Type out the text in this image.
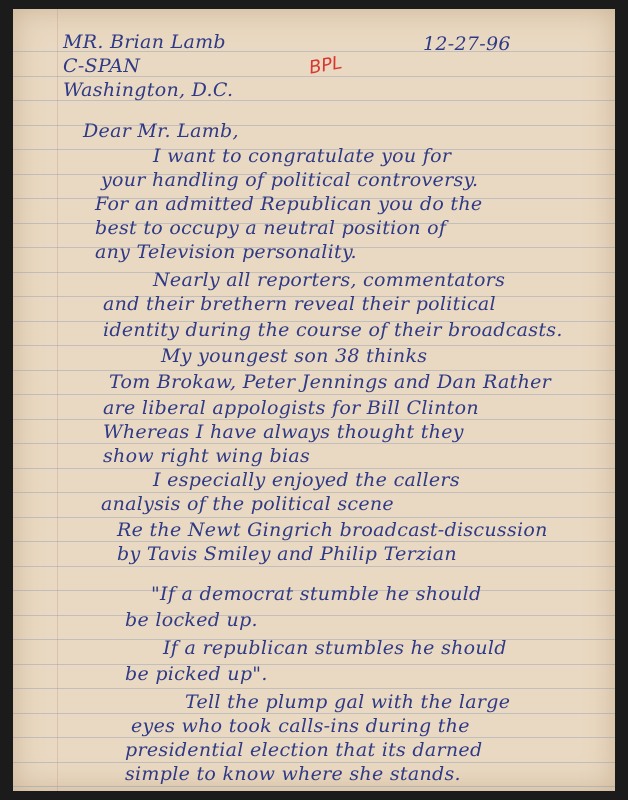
MR. Brian Lamb
C-SPAN
Washington, D.C.
12-27-96
BPL
Dear Mr. Lamb,
I want to congratulate you for
your handling of political controversy.
For an admitted Republican you do the
best to occupy a neutral position of
any Television personality.
Nearly all reporters, commentators
and their brethern reveal their political
identity during the course of their broadcasts.
My youngest son 38 thinks
Tom Brokaw, Peter Jennings and Dan Rather
are liberal appologists for Bill Clinton
Whereas I have always thought they
show right wing bias
I especially enjoyed the callers
analysis of the political scene
Re the Newt Gingrich broadcast-discussion
by Tavis Smiley and Philip Terzian
"If a democrat stumble he should
be locked up.
If a republican stumbles he should
be picked up".
Tell the plump gal with the large
eyes who took calls-ins during the
presidential election that its darned
simple to know where she stands.
